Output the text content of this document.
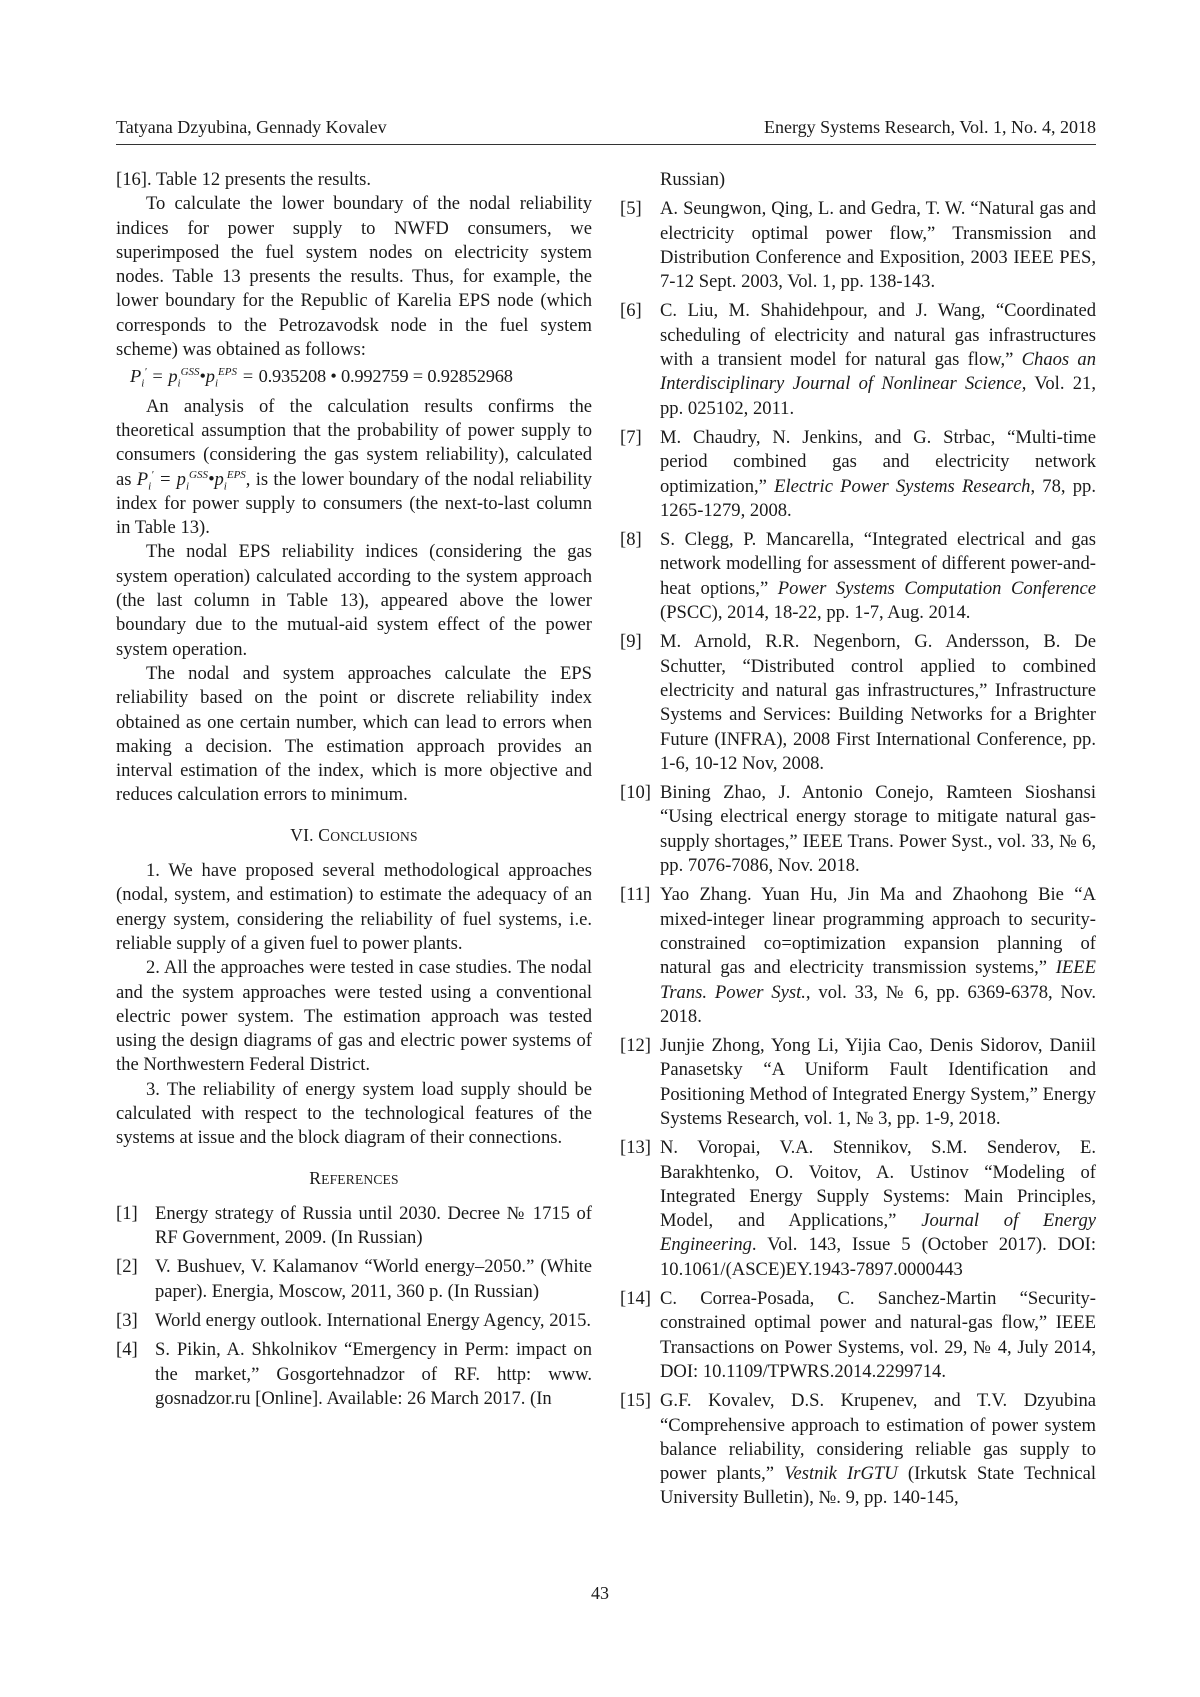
Tatyana Dzyubina, Gennady Kovalev	Energy Systems Research, Vol. 1, No. 4, 2018

[16]. Table 12 presents the results.

To calculate the lower boundary of the nodal reliability indices for power supply to NWFD consumers, we superimposed the fuel system nodes on electricity system nodes. Table 13 presents the results. Thus, for example, the lower boundary for the Republic of Karelia EPS node (which corresponds to the Petrozavodsk node in the fuel system scheme) was obtained as follows:

$P_i'$ = $p_i^{GSS}•p_i^{EPS} = 0.935208$ • 0.992759 = 0.92852968

An analysis of the calculation results confirms the theoretical assumption that the probability of power supply to consumers (considering the gas system reliability), calculated as $P_i'$ = $p_i^{GSS}•p_i^{EPS}$, is the lower boundary of the nodal reliability index for power supply to consumers (the next-to-last column in Table 13).

The nodal EPS reliability indices (considering the gas system operation) calculated according to the system approach (the last column in Table 13), appeared above the lower boundary due to the mutual-aid system effect of the power system operation.

The nodal and system approaches calculate the EPS reliability based on the point or discrete reliability index obtained as one certain number, which can lead to errors when making a decision. The estimation approach provides an interval estimation of the index, which is more objective and reduces calculation errors to minimum.

VI. CONCLUSIONS

1. We have proposed several methodological approaches (nodal, system, and estimation) to estimate the adequacy of an energy system, considering the reliability of fuel systems, i.e. reliable supply of a given fuel to power plants.

2. All the approaches were tested in case studies. The nodal and the system approaches were tested using a conventional electric power system. The estimation approach was tested using the design diagrams of gas and electric power systems of the Northwestern Federal District.

3. The reliability of energy system load supply should be calculated with respect to the technological features of the systems at issue and the block diagram of their connections.

REFERENCES
[1] Energy strategy of Russia until 2030. Decree № 1715 of RF Government, 2009. (In Russian)
[2] V. Bushuev, V. Kalamanov “World energy–2050.” (White paper). Energia, Moscow, 2011, 360 p. (In Russian)
[3] World energy outlook. International Energy Agency, 2015.
[4] S. Pikin, A. Shkolnikov “Emergency in Perm: impact on the market,” Gosgortehnadzor of RF. http: www. gosnadzor.ru [Online]. Available: 26 March 2017. (In
Russian)
[5] A. Seungwon, Qing, L. and Gedra, T. W. “Natural gas and electricity optimal power flow,” Transmission and Distribution Conference and Exposition, 2003 IEEE PES, 7-12 Sept. 2003, Vol. 1, pp. 138-143.
[6] C. Liu, M. Shahidehpour, and J. Wang, “Coordinated scheduling of electricity and natural gas infrastructures with a transient model for natural gas flow,” Chaos an Interdisciplinary Journal of Nonlinear Science, Vol. 21, pp. 025102, 2011.
[7] M. Chaudry, N. Jenkins, and G. Strbac, “Multi-time period combined gas and electricity network optimization,” Electric Power Systems Research, 78, pp. 1265-1279, 2008.
[8] S. Clegg, P. Mancarella, “Integrated electrical and gas network modelling for assessment of different power-and-heat options,” Power Systems Computation Conference (PSCC), 2014, 18-22, pp. 1-7, Aug. 2014.
[9] M. Arnold, R.R. Negenborn, G. Andersson, B. De Schutter, “Distributed control applied to combined electricity and natural gas infrastructures,” Infrastructure Systems and Services: Building Networks for a Brighter Future (INFRA), 2008 First International Conference, pp. 1-6, 10-12 Nov, 2008.
[10] Bining Zhao, J. Antonio Conejo, Ramteen Sioshansi “Using electrical energy storage to mitigate natural gas-supply shortages,” IEEE Trans. Power Syst., vol. 33, № 6, pp. 7076-7086, Nov. 2018.
[11] Yao Zhang. Yuan Hu, Jin Ma and Zhaohong Bie “A mixed-integer linear programming approach to security-constrained co=optimization expansion planning of natural gas and electricity transmission systems,” IEEE Trans. Power Syst., vol. 33, № 6, pp. 6369-6378, Nov. 2018.
[12] Junjie Zhong, Yong Li, Yijia Cao, Denis Sidorov, Daniil Panasetsky “A Uniform Fault Identification and Positioning Method of Integrated Energy System,” Energy Systems Research, vol. 1, № 3, pp. 1-9, 2018.
[13] N. Voropai, V.A. Stennikov, S.M. Senderov, E. Barakhtenko, O. Voitov, A. Ustinov “Modeling of Integrated Energy Supply Systems: Main Principles, Model, and Applications,” Journal of Energy Engineering. Vol. 143, Issue 5 (October 2017). DOI: 10.1061/(ASCE)EY.1943-7897.0000443
[14] C. Correa-Posada, C. Sanchez-Martin “Security-constrained optimal power and natural-gas flow,” IEEE Transactions on Power Systems, vol. 29, № 4, July 2014, DOI: 10.1109/TPWRS.2014.2299714.
[15] G.F. Kovalev, D.S. Krupenev, and T.V. Dzyubina “Comprehensive approach to estimation of power system balance reliability, considering reliable gas supply to power plants,” Vestnik IrGTU (Irkutsk State Technical University Bulletin), №. 9, pp. 140-145,
43
